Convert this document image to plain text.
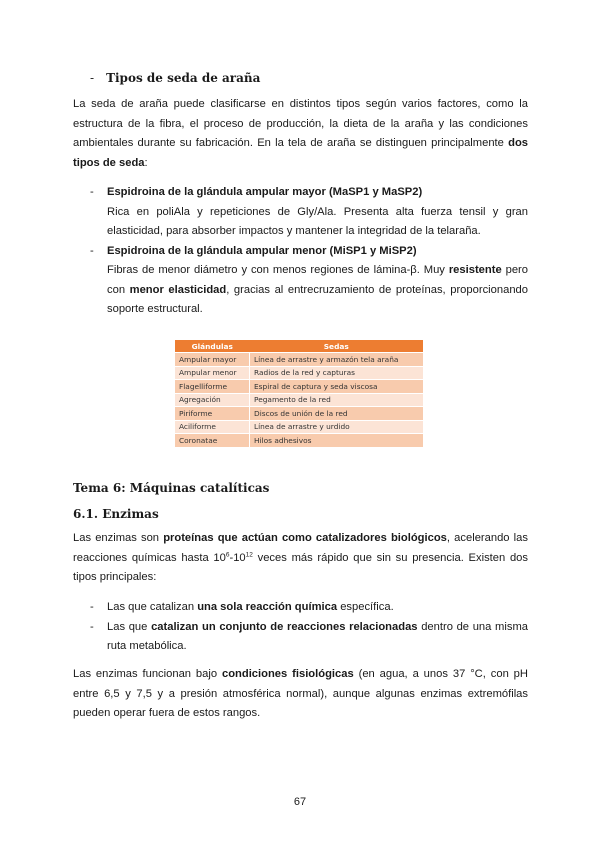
- Tipos de seda de araña

La seda de araña puede clasificarse en distintos tipos según varios factores, como la estructura de la fibra, el proceso de producción, la dieta de la araña y las condiciones ambientales durante su fabricación. En la tela de araña se distinguen principalmente dos tipos de seda:

- Espidroina de la glándula ampular mayor (MaSP1 y MaSP2)
Rica en poliAla y repeticiones de Gly/Ala. Presenta alta fuerza tensil y gran elasticidad, para absorber impactos y mantener la integridad de la telaraña.
- Espidroina de la glándula ampular menor (MiSP1 y MiSP2)
Fibras de menor diámetro y con menos regiones de lámina-β. Muy resistente pero con menor elasticidad, gracias al entrecruzamiento de proteínas, proporcionando soporte estructural.
Glándulas	Sedas
Ampular mayor	Línea de arrastre y armazón tela araña
Ampular menor	Radios de la red y capturas
Flagelliforme	Espiral de captura y seda viscosa
Agregación	Pegamento de la red
Piriforme	Discos de unión de la red
Aciliforme	Línea de arrastre y urdido
Coronatae	Hilos adhesivos
Tema 6: Máquinas catalíticas
6.1. Enzimas

Las enzimas son proteínas que actúan como catalizadores biológicos, acelerando las reacciones químicas hasta $10^6-10^{12}$ veces más rápido que sin su presencia. Existen dos tipos principales:

- Las que catalizan una sola reacción química específica.
- Las que catalizan un conjunto de reacciones relacionadas dentro de una misma ruta metabólica.

Las enzimas funcionan bajo condiciones fisiológicas (en agua, a unos 37 °C, con pH entre 6,5 y 7,5 y a presión atmosférica normal), aunque algunas enzimas extremófilas pueden operar fuera de estos rangos.

67
